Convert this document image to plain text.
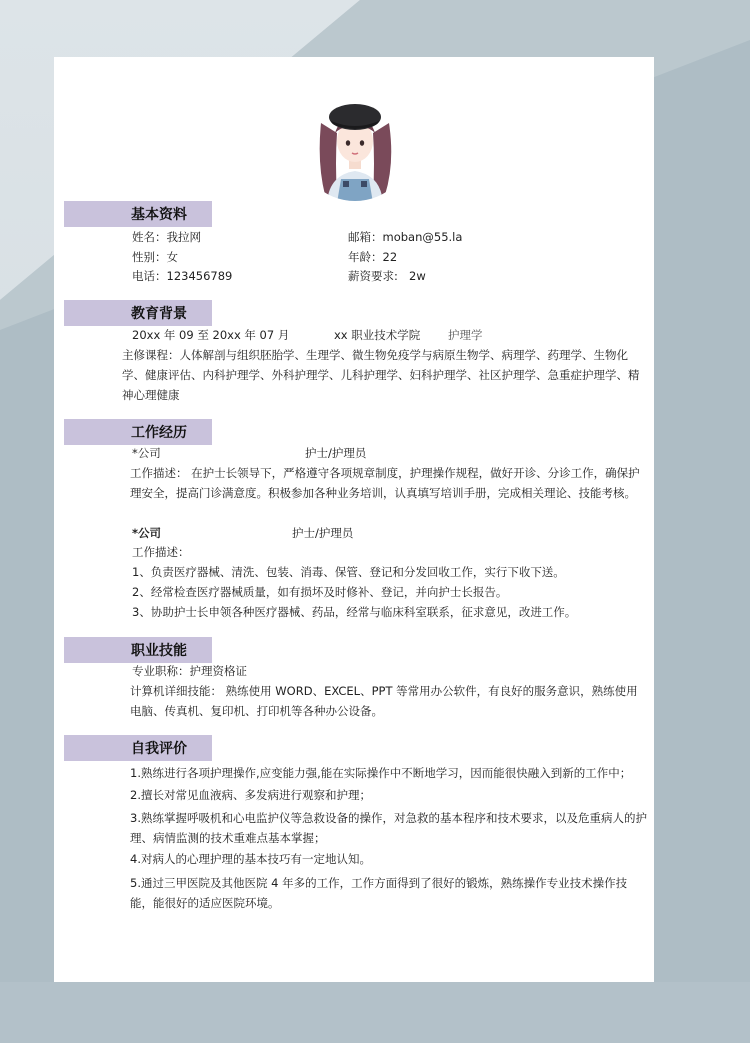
基本资料
姓名：我拉网	邮箱：moban@55.la
性别：女	年龄：22
电话：123456789	薪资要求: 2w
教育背景
20xx 年 09 至 20xx 年 07 月	xx 职业技术学院 护理学
主修课程：人体解剖与组织胚胎学、生理学、微生物免疫学与病原生物学、病理学、药理学、生物化学、健康评估、内科护理学、外科护理学、儿科护理学、妇科护理学、社区护理学、急重症护理学、精神心理健康
工作经历
*公司	护士/护理员
工作描述： 在护士长领导下，严格遵守各项规章制度，护理操作规程，做好开诊、分诊工作，确保护理安全，提高门诊满意度。积极参加各种业务培训，认真填写培训手册，完成相关理论、技能考核。
*公司	护士/护理员
工作描述：
1、负责医疗器械、清洗、包装、消毒、保管、登记和分发回收工作，实行下收下送。
2、经常检查医疗器械质量，如有损坏及时修补、登记，并向护士长报告。
3、协助护士长申领各种医疗器械、药品，经常与临床科室联系，征求意见，改进工作。
职业技能
专业职称：护理资格证
计算机详细技能： 熟练使用 WORD、EXCEL、PPT 等常用办公软件，有良好的服务意识，熟练使用电脑、传真机、复印机、打印机等各种办公设备。
自我评价
1.熟练进行各项护理操作,应变能力强,能在实际操作中不断地学习，因而能很快融入到新的工作中；
2.擅长对常见血液病、多发病进行观察和护理；
3.熟练掌握呼吸机和心电监护仪等急救设备的操作，对急救的基本程序和技术要求，以及危重病人的护理、病情监测的技术重难点基本掌握；
4.对病人的心理护理的基本技巧有一定地认知。
5.通过三甲医院及其他医院 4 年多的工作，工作方面得到了很好的锻炼，熟练操作专业技术操作技能，能很好的适应医院环境。
